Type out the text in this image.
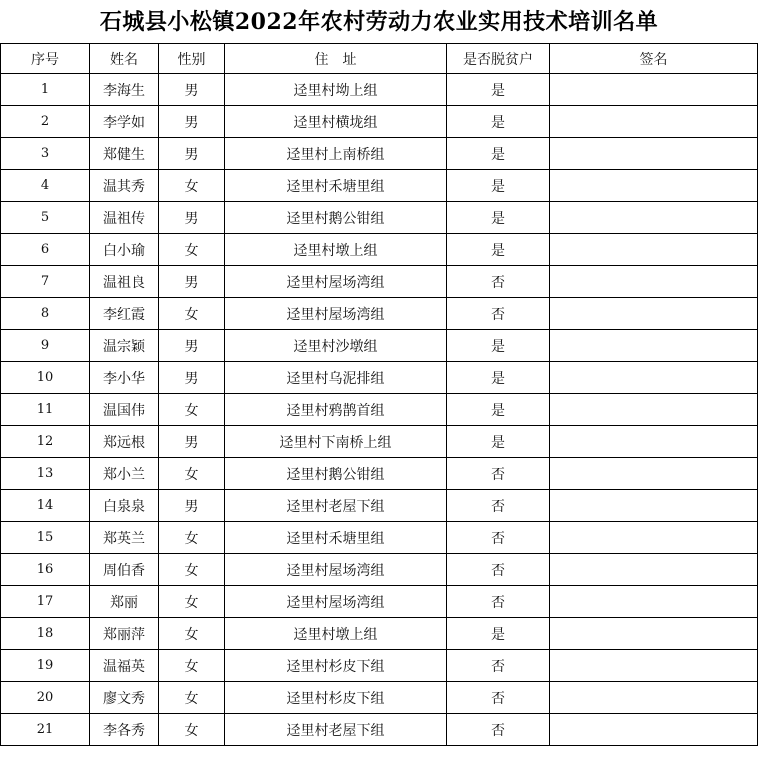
石城县小松镇2022年农村劳动力农业实用技术培训名单
序号	姓名	性别	住　址	是否脱贫户	签名
1	李海生	男	迳里村坳上组	是	
2	李学如	男	迳里村横垅组	是	
3	郑健生	男	迳里村上南桥组	是	
4	温其秀	女	迳里村禾塘里组	是	
5	温祖传	男	迳里村鹅公钳组	是	
6	白小瑜	女	迳里村墩上组	是	
7	温祖良	男	迳里村屋场湾组	否	
8	李红霞	女	迳里村屋场湾组	否	
9	温宗颖	男	迳里村沙墩组	是	
10	李小华	男	迳里村乌泥排组	是	
11	温国伟	女	迳里村鸦鹊首组	是	
12	郑远根	男	迳里村下南桥上组	是	
13	郑小兰	女	迳里村鹅公钳组	否	
14	白泉泉	男	迳里村老屋下组	否	
15	郑英兰	女	迳里村禾塘里组	否	
16	周伯香	女	迳里村屋场湾组	否	
17	郑丽	女	迳里村屋场湾组	否	
18	郑丽萍	女	迳里村墩上组	是	
19	温福英	女	迳里村杉皮下组	否	
20	廖文秀	女	迳里村杉皮下组	否	
21	李各秀	女	迳里村老屋下组	否	
